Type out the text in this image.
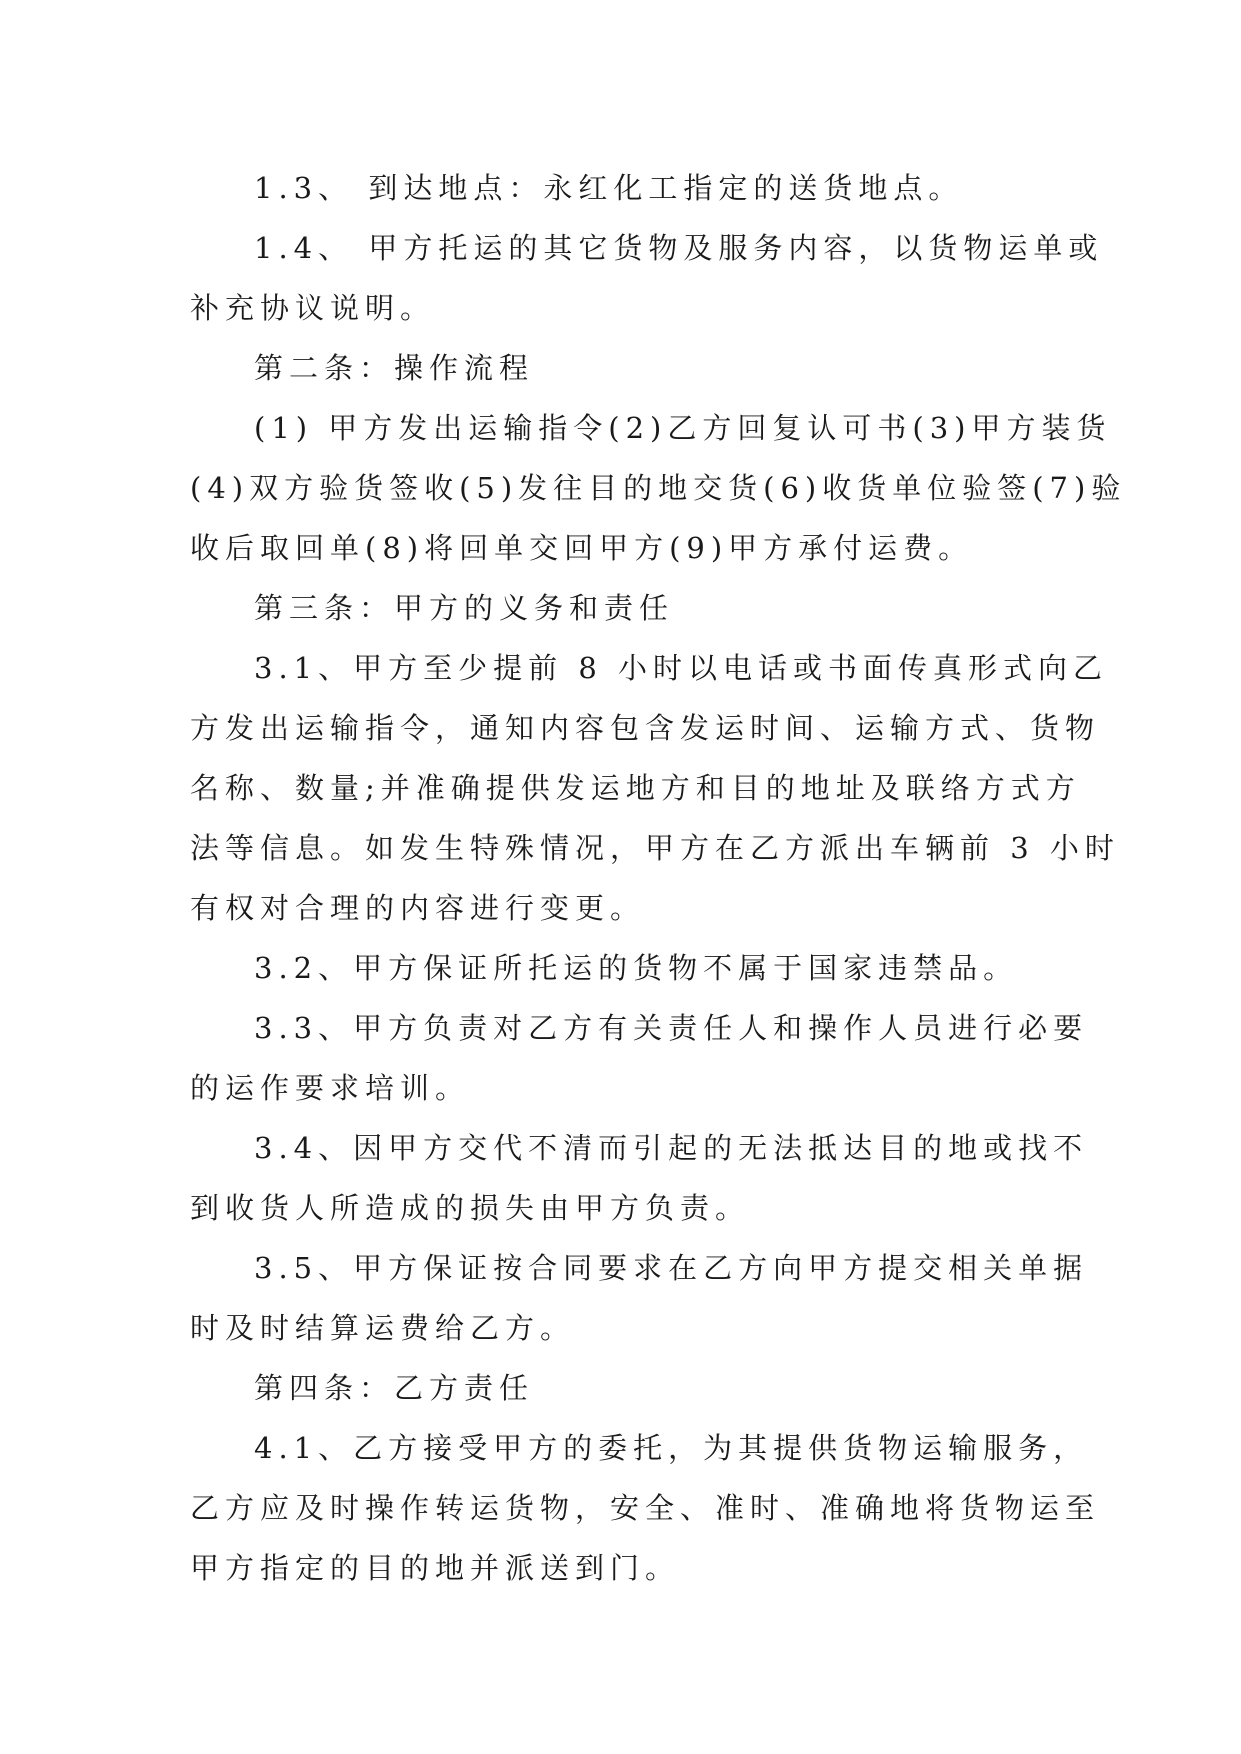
1.3、 到达地点：永红化工指定的送货地点。
1.4、 甲方托运的其它货物及服务内容，以货物运单或
补充协议说明。
第二条：操作流程
(1) 甲方发出运输指令(2)乙方回复认可书(3)甲方装货
(4)双方验货签收(5)发往目的地交货(6)收货单位验签(7)验
收后取回单(8)将回单交回甲方(9)甲方承付运费。
第三条：甲方的义务和责任
3.1、甲方至少提前 8 小时以电话或书面传真形式向乙
方发出运输指令，通知内容包含发运时间、运输方式、货物
名称、数量;并准确提供发运地方和目的地址及联络方式方
法等信息。如发生特殊情况，甲方在乙方派出车辆前 3 小时
有权对合理的内容进行变更。
3.2、甲方保证所托运的货物不属于国家违禁品。
3.3、甲方负责对乙方有关责任人和操作人员进行必要
的运作要求培训。
3.4、因甲方交代不清而引起的无法抵达目的地或找不
到收货人所造成的损失由甲方负责。
3.5、甲方保证按合同要求在乙方向甲方提交相关单据
时及时结算运费给乙方。
第四条：乙方责任
4.1、乙方接受甲方的委托，为其提供货物运输服务，
乙方应及时操作转运货物，安全、准时、准确地将货物运至
甲方指定的目的地并派送到门。
